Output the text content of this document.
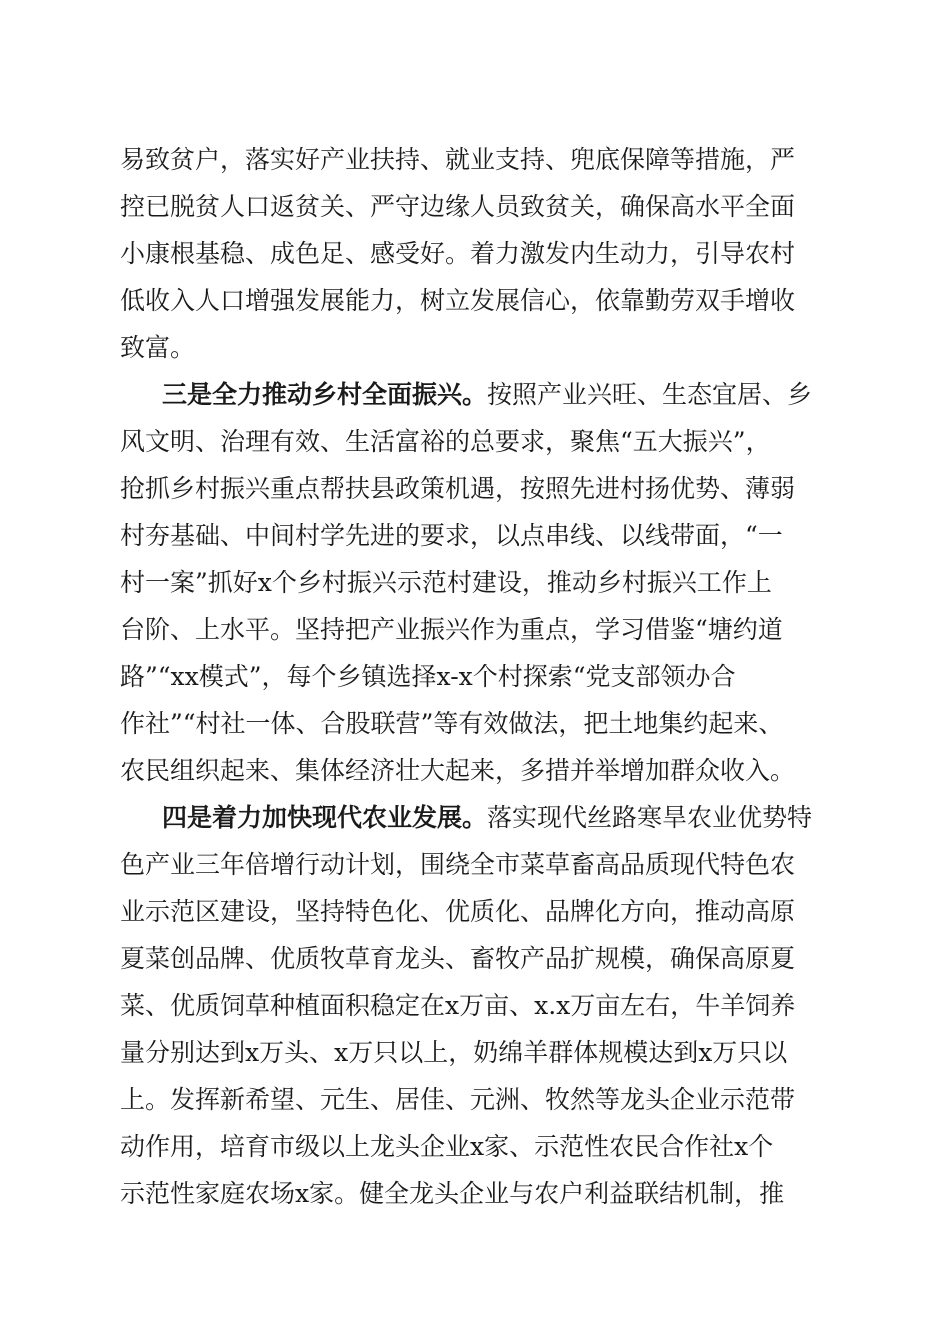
易致贫户，落实好产业扶持、就业支持、兜底保障等措施，严
控已脱贫人口返贫关、严守边缘人员致贫关，确保高水平全面
小康根基稳、成色足、感受好。着力激发内生动力，引导农村
低收入人口增强发展能力，树立发展信心，依靠勤劳双手增收
致富。
三是全力推动乡村全面振兴。按照产业兴旺、生态宜居、乡
风文明、治理有效、生活富裕的总要求，聚焦“五大振兴”，
抢抓乡村振兴重点帮扶县政策机遇，按照先进村扬优势、薄弱
村夯基础、中间村学先进的要求，以点串线、以线带面，“一
村一案”抓好x个乡村振兴示范村建设，推动乡村振兴工作上
台阶、上水平。坚持把产业振兴作为重点，学习借鉴“塘约道
路”“xx模式”，每个乡镇选择x-x个村探索“党支部领办合
作社”“村社一体、合股联营”等有效做法，把土地集约起来、
农民组织起来、集体经济壮大起来，多措并举增加群众收入。
四是着力加快现代农业发展。落实现代丝路寒旱农业优势特
色产业三年倍增行动计划，围绕全市菜草畜高品质现代特色农
业示范区建设，坚持特色化、优质化、品牌化方向，推动高原
夏菜创品牌、优质牧草育龙头、畜牧产品扩规模，确保高原夏
菜、优质饲草种植面积稳定在x万亩、x.x万亩左右，牛羊饲养
量分别达到x万头、x万只以上，奶绵羊群体规模达到x万只以
上。发挥新希望、元生、居佳、元洲、牧然等龙头企业示范带
动作用，培育市级以上龙头企业x家、示范性农民合作社x个
示范性家庭农场x家。健全龙头企业与农户利益联结机制，推
